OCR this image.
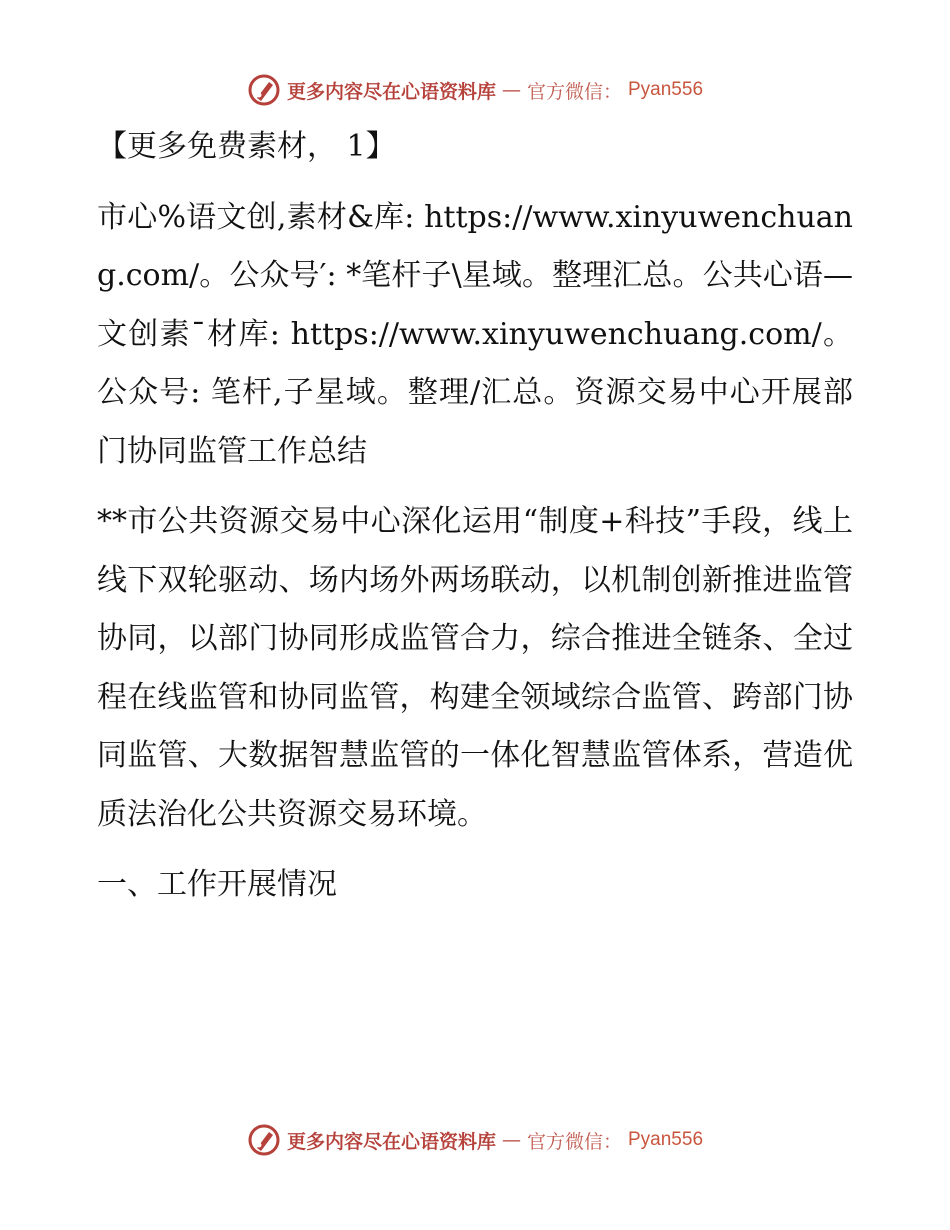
更多内容尽在心语资料库 — 官方微信： Pyan556

【更多免费素材， 1】

市心%语文创,素材&库: https://www.xinyuwenchuang.com/。公众号′: *笔杆子\星域。整理汇总。公共心语—文创素¯材库: https://www.xinyuwenchuang.com/。公众号: 笔杆,子星域。整理/汇总。资源交易中心开展部门协同监管工作总结

**市公共资源交易中心深化运用“制度+科技”手段，线上线下双轮驱动、场内场外两场联动，以机制创新推进监管协同，以部门协同形成监管合力，综合推进全链条、全过程在线监管和协同监管，构建全领域综合监管、跨部门协同监管、大数据智慧监管的一体化智慧监管体系，营造优质法治化公共资源交易环境。

一、工作开展情况

更多内容尽在心语资料库 — 官方微信： Pyan556
